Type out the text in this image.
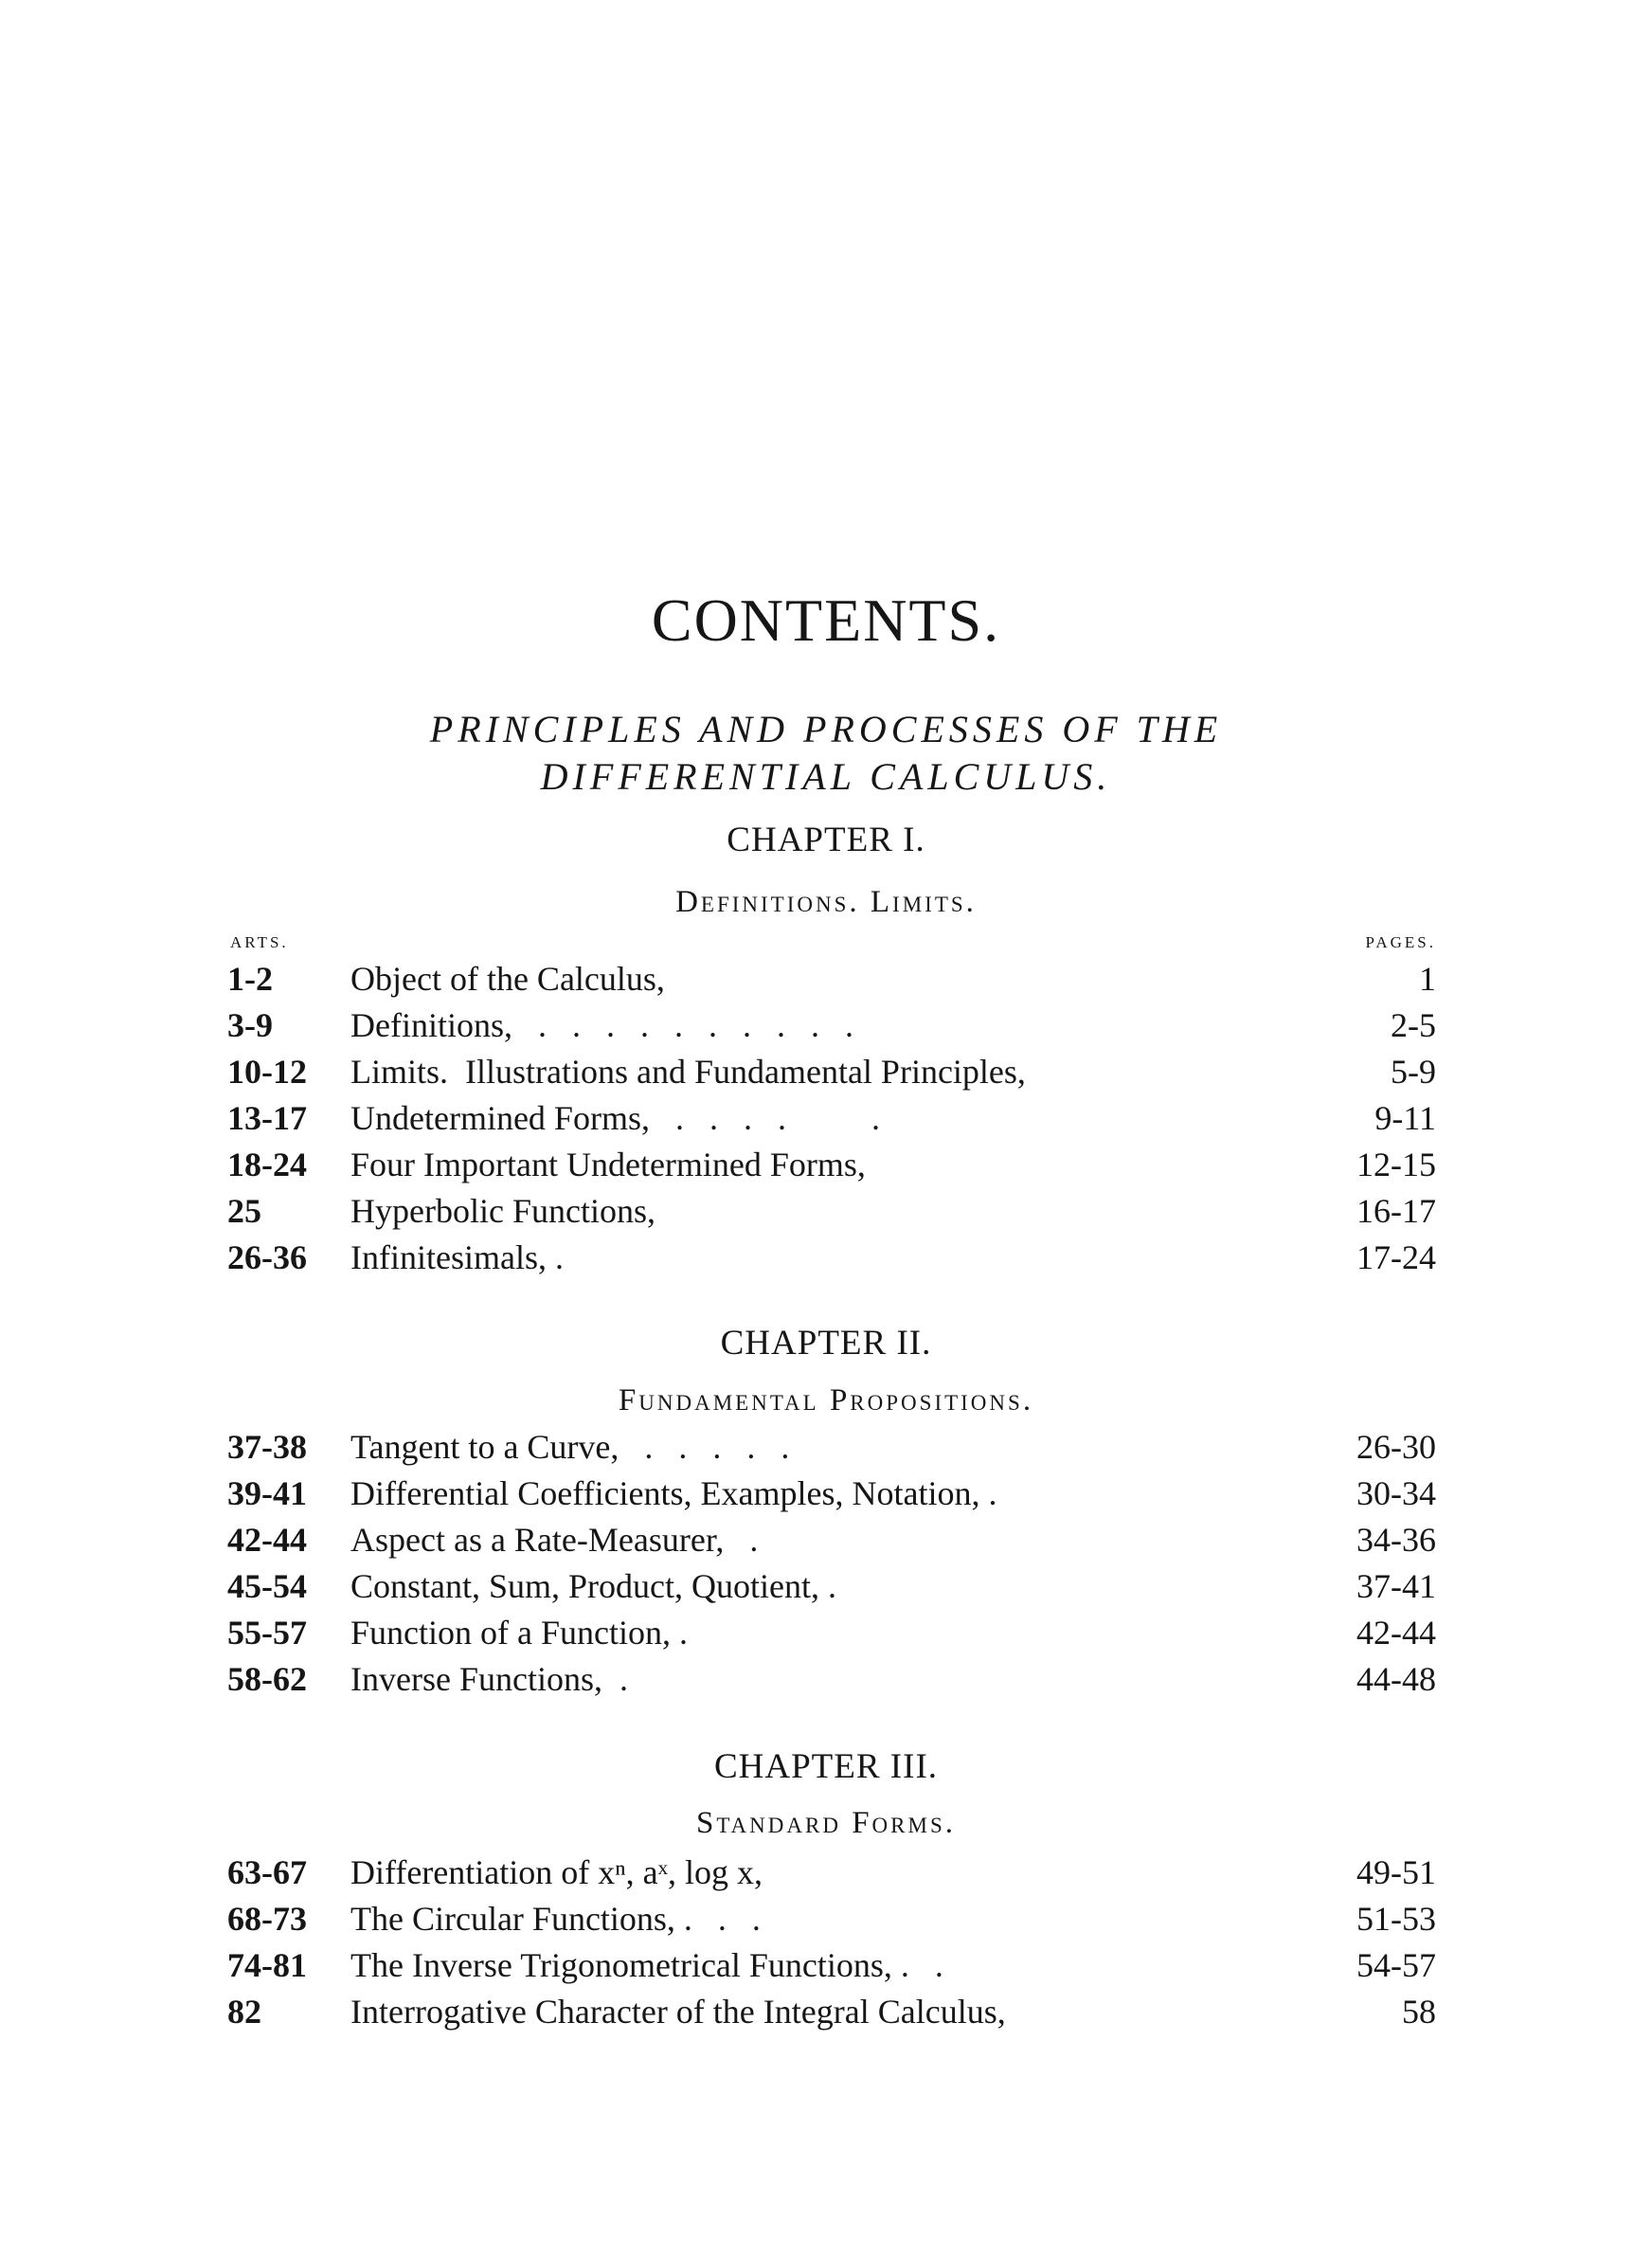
CONTENTS.
PRINCIPLES AND PROCESSES OF THE
DIFFERENTIAL CALCULUS.
CHAPTER I.
Definitions. Limits.
ARTS.	PAGES.
1-2 Object of the Calculus,	1
3-9 Definitions,   .   .   .   .   .   .   .   .   .   .	2-5
10-12 Limits.  Illustrations and Fundamental Principles,	5-9
13-17 Undetermined Forms,   .   .   .   .          .	9-11
18-24 Four Important Undetermined Forms,	12-15
25	Hyperbolic Functions,	16-17
26-36 Infinitesimals, .	17-24
CHAPTER II.
Fundamental Propositions.
37-38 Tangent to a Curve,   .   .   .   .   .	26-30
39-41 Differential Coefficients, Examples, Notation, .	30-34
42-44 Aspect as a Rate-Measurer,   .	34-36
45-54 Constant, Sum, Product, Quotient, .	37-41
55-57 Function of a Function, .	42-44
58-62 Inverse Functions,  .	44-48
CHAPTER III.
Standard Forms.
63-67 Differentiation of xⁿ, aˣ, log x,	49-51
68-73 The Circular Functions, .   .   .	51-53
74-81 The Inverse Trigonometrical Functions, .   .	54-57
82	Interrogative Character of the Integral Calculus,	58
